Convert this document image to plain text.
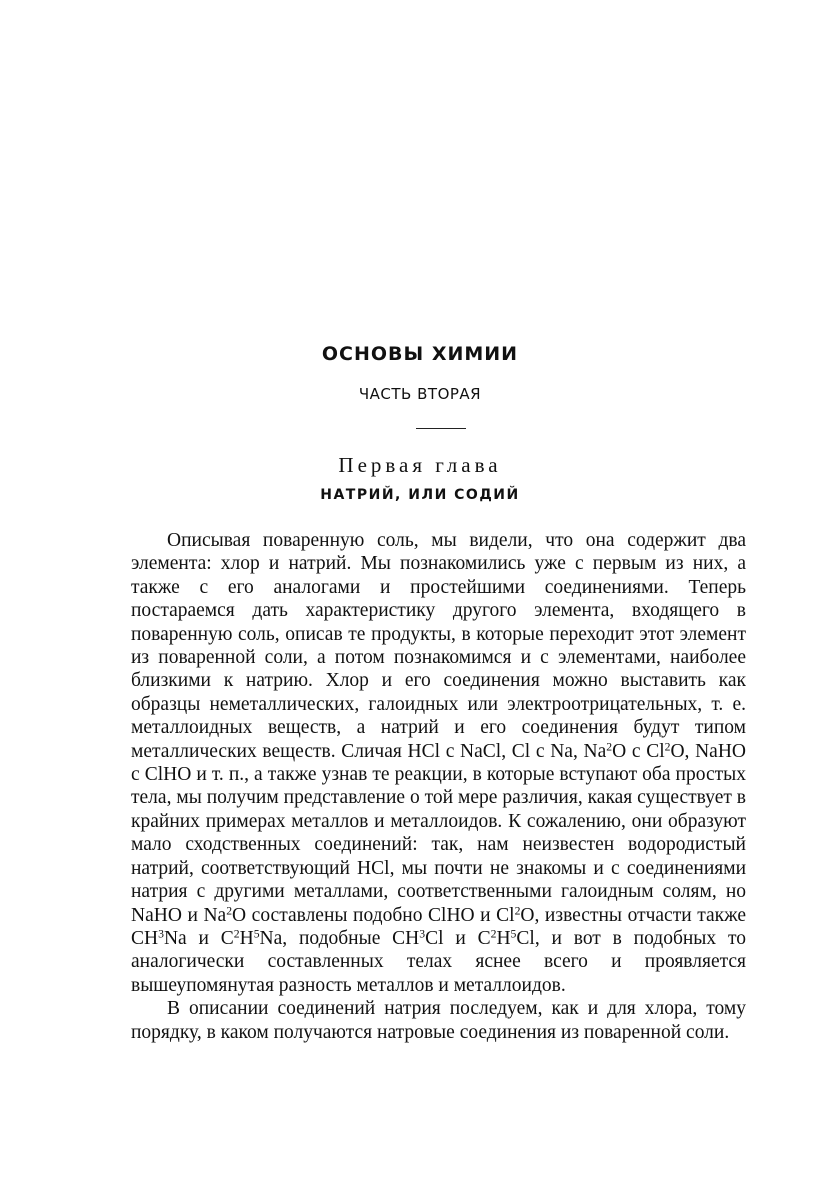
ОСНОВЫ ХИМИИ
ЧАСТЬ ВТОРАЯ
Первая глава
НАТРИЙ, ИЛИ СОДИЙ

Описывая поваренную соль, мы видели, что она содержит два элемента: хлор и натрий. Мы познакомились уже с первым из них, а также с его аналогами и простейшими соединениями. Теперь постараемся дать характеристику другого элемента, входящего в поваренную соль, описав те продукты, в которые переходит этот элемент из поваренной соли, а потом познакомимся и с элементами, наиболее близкими к натрию. Хлор и его соединения можно выставить как образцы неметаллических, галоидных или электроотрицательных, т. е. металлоидных веществ, а натрий и его соединения будут типом металлических веществ. Сличая HCl с NaCl, Cl с Na, Na$^2$O с Cl$^2$O, NaHO с ClHO и т. п., а также узнав те реакции, в которые вступают оба простых тела, мы получим представление о той мере различия, какая существует в крайних примерах металлов и металлоидов. К сожалению, они образуют мало сходственных соединений: так, нам неизвестен водородистый натрий, соответствующий HCl, мы почти не знакомы и с соединениями натрия с другими металлами, соответственными галоидным солям, но NaHO и Na$^2$O составлены подобно ClHO и Cl$^2$O, известны отчасти также $CH^3Na$ и $C^2H^5Na$, подобные $CH^3Cl$ и $C^2H^5Cl$, и вот в подобных то аналогически составленных телах яснее всего и проявляется вышеупомянутая разность металлов и металлоидов.

В описании соединений натрия последуем, как и для хлора, тому порядку, в каком получаются натровые соединения из поваренной соли.
